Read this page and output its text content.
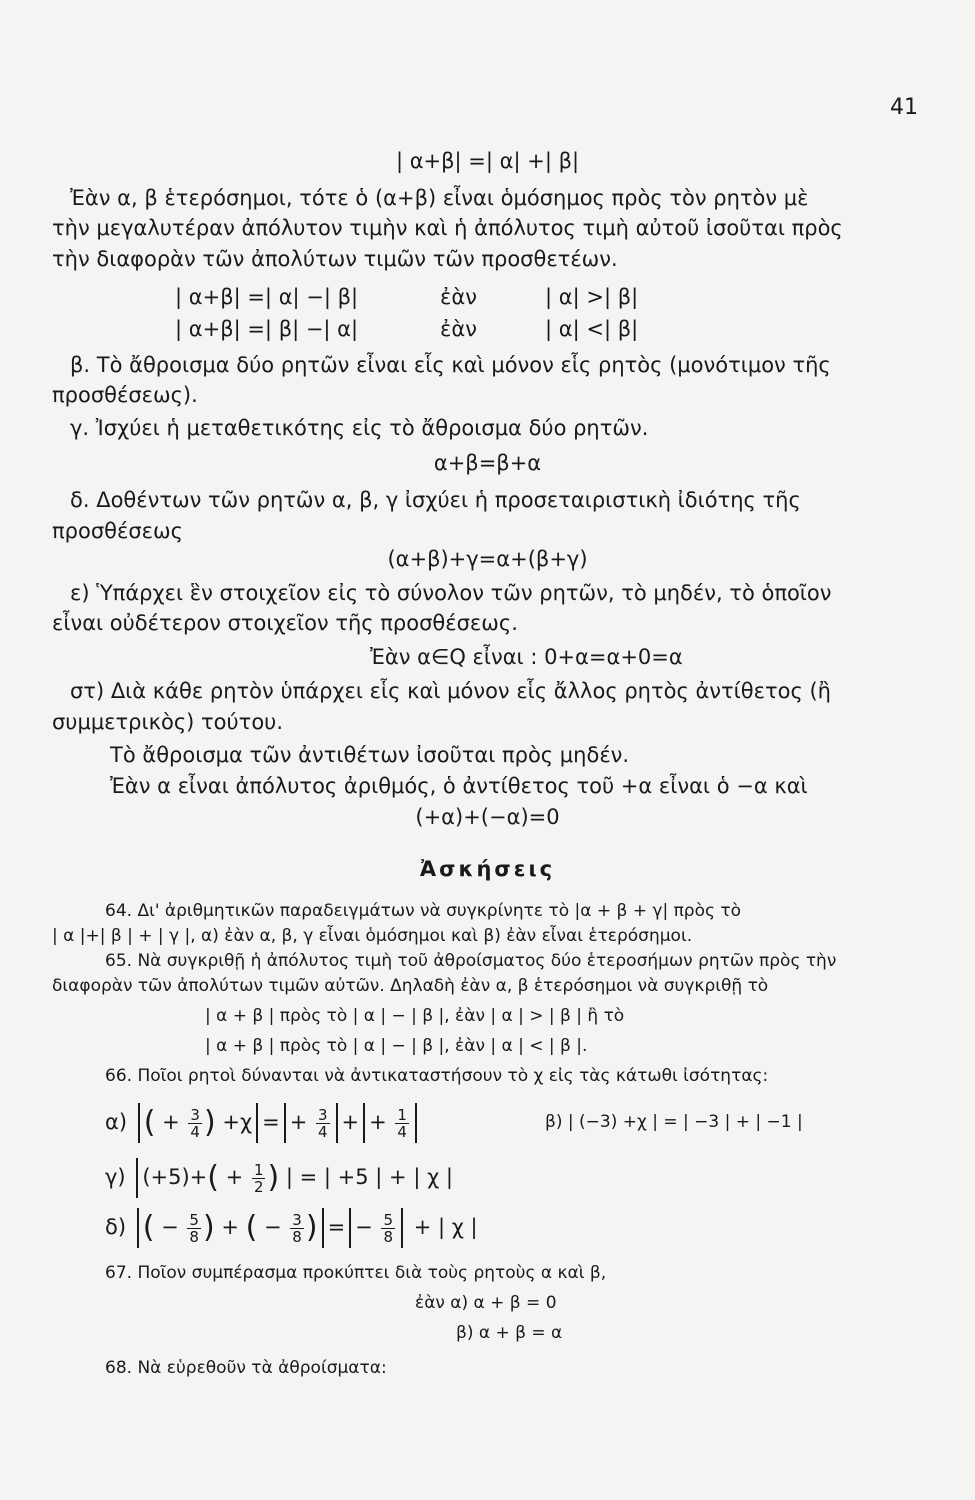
41
| α+β| =| α| +| β|
Ἐὰν α, β ἑτερόσημοι, τότε ὁ (α+β) εἶναι ὁμόσημος πρὸς τὸν ρητὸν μὲ
τὴν μεγαλυτέραν ἀπόλυτον τιμὴν καὶ ἡ ἀπόλυτος τιμὴ αὐτοῦ ἰσοῦται πρὸς
τὴν διαφορὰν τῶν ἀπολύτων τιμῶν τῶν προσθετέων.
| α+β| =| α| −| β|	ἐὰν	| α| >| β|
| α+β| =| β| −| α|	ἐὰν	| α| <| β|
β. Τὸ ἄθροισμα δύο ρητῶν εἶναι εἷς καὶ μόνον εἷς ρητὸς (μονότιμον τῆς
προσθέσεως).
γ. Ἰσχύει ἡ μεταθετικότης εἰς τὸ ἄθροισμα δύο ρητῶν.
α+β=β+α
δ. Δοθέντων τῶν ρητῶν α, β, γ ἰσχύει ἡ προσεταιριστικὴ ἰδιότης τῆς
προσθέσεως
(α+β)+γ=α+(β+γ)
ε) Ὑπάρχει ἓν στοιχεῖον εἰς τὸ σύνολον τῶν ρητῶν, τὸ μηδέν, τὸ ὁποῖον
εἶναι οὐδέτερον στοιχεῖον τῆς προσθέσεως.
Ἐὰν α∈Q εἶναι : 0+α=α+0=α
στ) Διὰ κάθε ρητὸν ὑπάρχει εἷς καὶ μόνον εἷς ἄλλος ρητὸς ἀντίθετος (ἢ
συμμετρικὸς) τούτου.
Τὸ ἄθροισμα τῶν ἀντιθέτων ἰσοῦται πρὸς μηδέν.
Ἐὰν α εἶναι ἀπόλυτος ἀριθμός, ὁ ἀντίθετος τοῦ +α εἶναι ὁ −α καὶ
(+α)+(−α)=0
Ἀσκήσεις
64. Δι' ἀριθμητικῶν παραδειγμάτων νὰ συγκρίνητε τὸ |α + β + γ| πρὸς τὸ
| α |+| β | + | γ |, α) ἐὰν α, β, γ εἶναι ὁμόσημοι καὶ β) ἐὰν εἶναι ἑτερόσημοι.
65. Νὰ συγκριθῇ ἡ ἀπόλυτος τιμὴ τοῦ ἀθροίσματος δύο ἑτεροσήμων ρητῶν πρὸς τὴν
διαφορὰν τῶν ἀπολύτων τιμῶν αὐτῶν. Δηλαδὴ ἐὰν α, β ἑτερόσημοι νὰ συγκριθῇ τὸ
| α + β | πρὸς τὸ | α | − | β |, ἐὰν | α | > | β | ἢ τὸ
| α + β | πρὸς τὸ | α | − | β |, ἐὰν | α | < | β |.
66. Ποῖοι ρητοὶ δύνανται νὰ ἀντικαταστήσουν τὸ χ εἰς τὰς κάτωθι ἰσότητας:
α) ( + $\frac{3}{4}$ ) +χ = + $\frac{3}{4}$ + + $\frac{1}{4}$	β) | (−3) +χ | = | −3 | + | −1 |
γ) $(+5)+( + \frac{1}{2}$ ) | = | +5 | + | χ |
δ) ( − $\frac{5}{8}$ ) + ( − $\frac{3}{8}$ ) = − $\frac{5}{8}$ + | χ |
67. Ποῖον συμπέρασμα προκύπτει διὰ τοὺς ρητοὺς α καὶ β,
ἐὰν α) α + β = 0
β) α + β = α
68. Νὰ εὑρεθοῦν τὰ ἀθροίσματα:
